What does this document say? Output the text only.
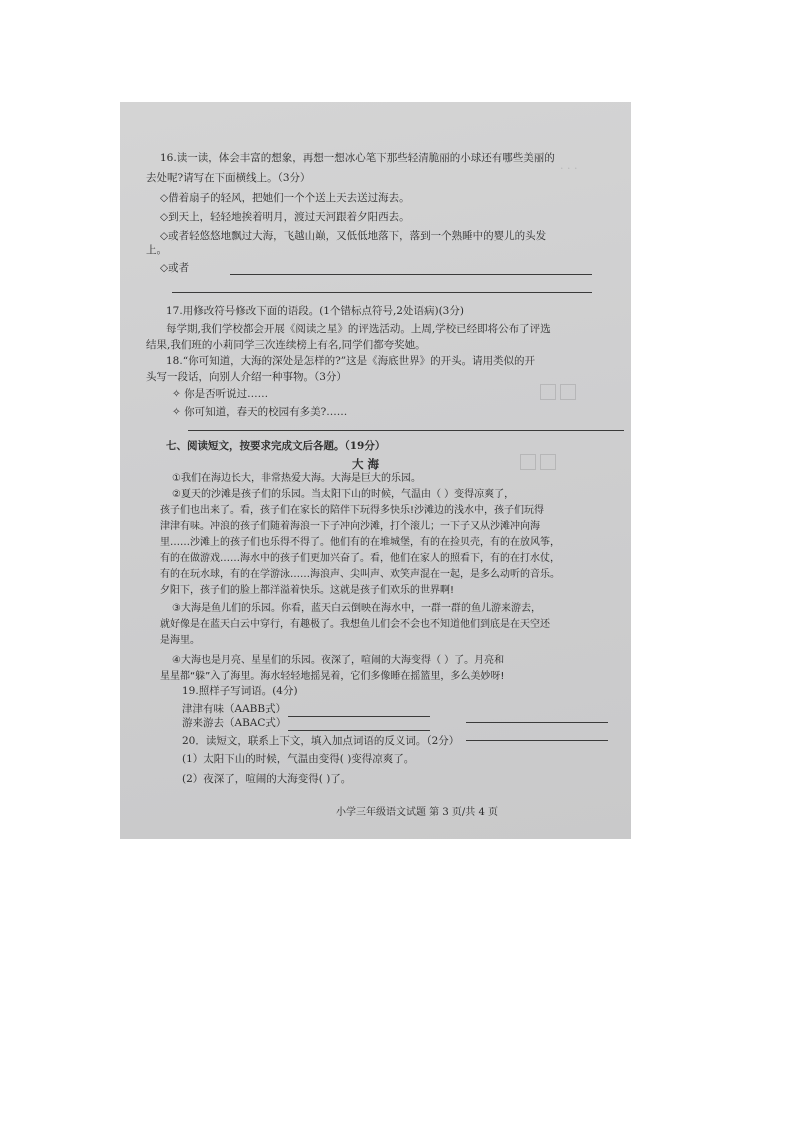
· · ·
16.读一读，体会丰富的想象，再想一想冰心笔下那些轻清脆丽的小球还有哪些美丽的
去处呢?请写在下面横线上。（3分）
◇借着扇子的轻风，把她们一个个送上天去送过海去。
◇到天上，轻轻地挨着明月，渡过天河跟着夕阳西去。
◇或者轻悠悠地飘过大海，飞越山巅，又低低地落下，落到一个熟睡中的婴儿的头发
上。
◇或者
17.用修改符号修改下面的语段。(1个错标点符号,2处语病)(3分)
每学期,我们学校都会开展《阅读之星》的评选活动。上周,学校已经即将公布了评选
结果,我们班的小莉同学三次连续榜上有名,同学们都夸奖她。
18.“你可知道，大海的深处是怎样的?”这是《海底世界》的开头。请用类似的开
头写一段话，向别人介绍一种事物。（3分）
✧ 你是否听说过……
✧ 你可知道，春天的校园有多美?……
七、阅读短文，按要求完成文后各题。（19分）
大 海
①我们在海边长大，非常热爱大海。大海是巨大的乐园。
②夏天的沙滩是孩子们的乐园。当太阳下山的时候，气温由（ ）变得凉爽了，
孩子们也出来了。看，孩子们在家长的陪伴下玩得多快乐!沙滩边的浅水中，孩子们玩得
津津有味。冲浪的孩子们随着海浪一下子冲向沙滩，打个滚儿；一下子又从沙滩冲向海
里……沙滩上的孩子们也乐得不得了。他们有的在堆城堡，有的在捡贝壳，有的在放风筝，
有的在做游戏……海水中的孩子们更加兴奋了。看，他们在家人的照看下，有的在打水仗，
有的在玩水球，有的在学游泳……海浪声、尖叫声、欢笑声混在一起，是多么动听的音乐。
夕阳下，孩子们的脸上都洋溢着快乐。这就是孩子们欢乐的世界啊!
③大海是鱼儿们的乐园。你看，蓝天白云倒映在海水中，一群一群的鱼儿游来游去，
就好像是在蓝天白云中穿行，有趣极了。我想鱼儿们会不会也不知道他们到底是在天空还
是海里。
④大海也是月亮、星星们的乐园。夜深了，喧闹的大海变得（ ）了。月亮和
星星都“躲”入了海里。海水轻轻地摇晃着，它们多像睡在摇篮里，多么美妙呀!
19.照样子写词语。(4分)
津津有味（AABB式）
游来游去（ABAC式）
20．读短文，联系上下文，填入加点词语的反义词。（2分）
(1）太阳下山的时候，气温由变得( )变得凉爽了。
(2）夜深了，喧闹的大海变得( )了。
小学三年级语文试题 第 3 页/共 4 页
